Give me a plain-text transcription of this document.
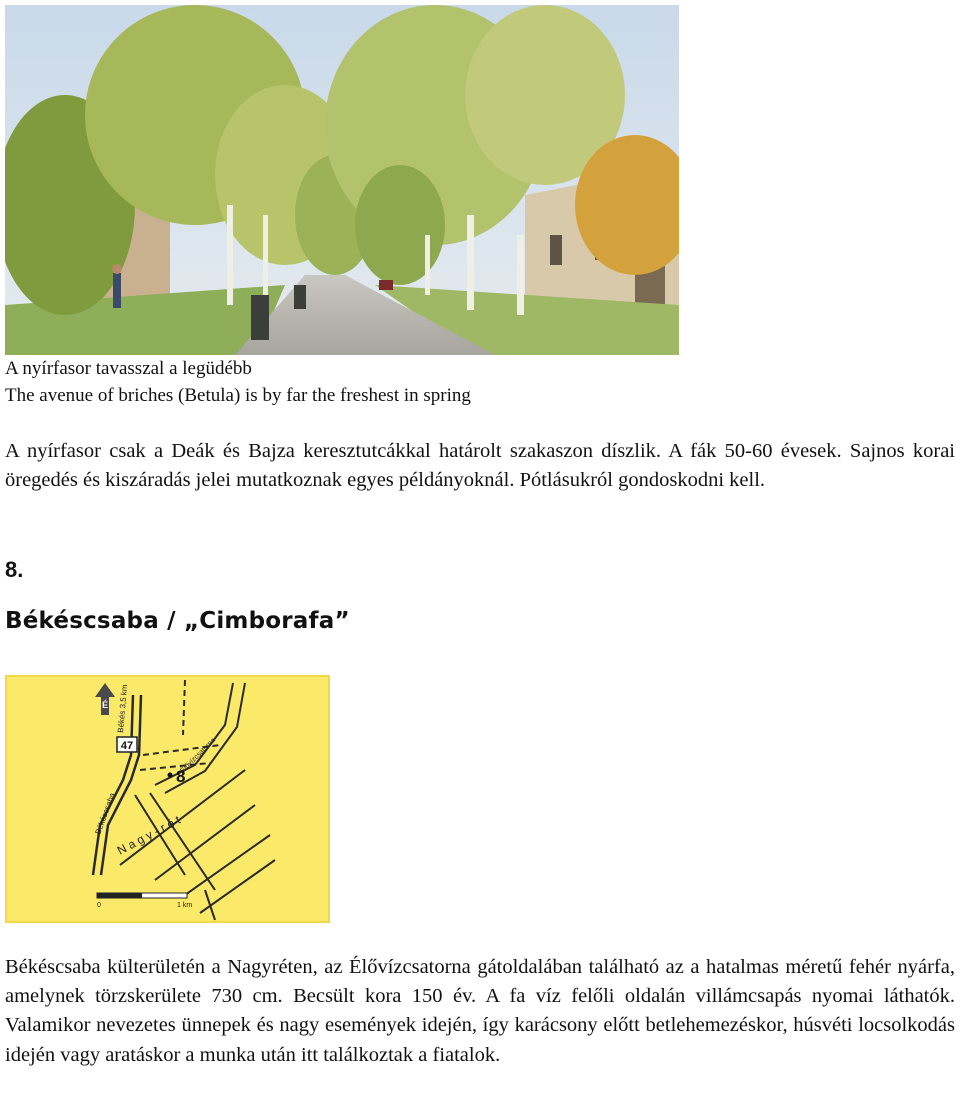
A nyírfasor tavasszal a legüdébb
The avenue of briches (Betula) is by far the freshest in spring
A nyírfasor csak a Deák és Bajza keresztutcákkal határolt szakaszon díszlik. A fák 50-60 évesek. Sajnos korai öregedés és kiszáradás jelei mutatkoznak egyes példányoknál. Pótlásukról gondoskodni kell.
8.
Békéscsaba / „Cimborafa”
É
47
8
Békés 3,5 km
Békéscsaba
Élővízcsatorna
N a g y - r é t
0	1 km
Békéscsaba külterületén a Nagyréten, az Élővízcsatorna gátoldalában található az a hatalmas méretű fehér nyárfa, amelynek törzskerülete 730 cm. Becsült kora 150 év. A fa víz felőli oldalán villámcsapás nyomai láthatók. Valamikor nevezetes ünnepek és nagy események idején, így karácsony előtt betlehemezéskor, húsvéti locsolkodás idején vagy aratáskor a munka után itt találkoztak a fiatalok.
